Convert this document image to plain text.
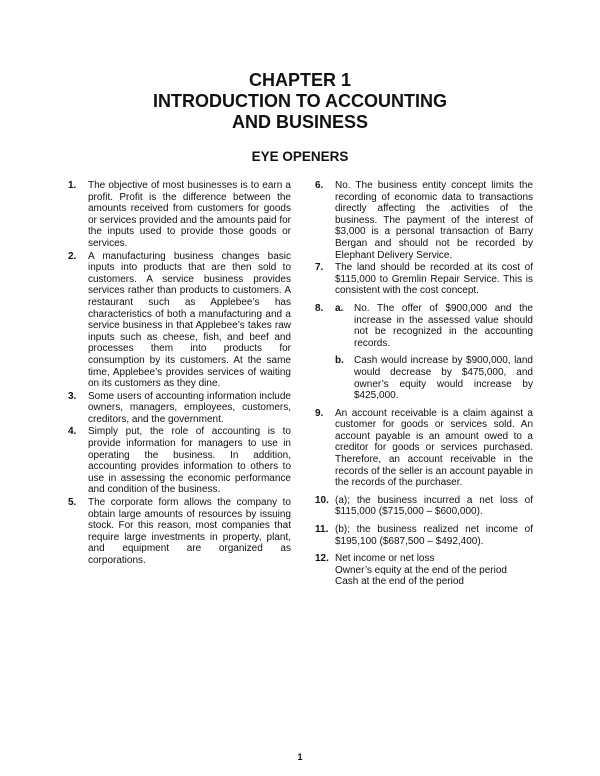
CHAPTER 1
INTRODUCTION TO ACCOUNTING
AND BUSINESS
EYE OPENERS
1.	The objective of most businesses is to earn a profit. Profit is the difference between the amounts received from customers for goods or services provided and the amounts paid for the inputs used to provide those goods or services.
2.	A manufacturing business changes basic inputs into products that are then sold to customers. A service business provides services rather than products to customers. A restaurant such as Applebee’s has characteristics of both a manufacturing and a service business in that Applebee’s takes raw inputs such as cheese, fish, and beef and processes them into products for consumption by its customers. At the same time, Applebee’s provides services of waiting on its customers as they dine.
3.	Some users of accounting information include owners, managers, employees, customers, creditors, and the government.
4.	Simply put, the role of accounting is to provide information for managers to use in operating the business. In addition, accounting provides information to others to use in assessing the economic performance and condition of the business.
5.	The corporate form allows the company to obtain large amounts of resources by issuing stock. For this reason, most companies that require large investments in property, plant, and equipment are organized as corporations.
6.	No. The business entity concept limits the recording of economic data to transactions directly affecting the activities of the business. The payment of the interest of $3,000 is a personal transaction of Barry Bergan and should not be recorded by Elephant Delivery Service.
7.	The land should be recorded at its cost of $115,000 to Gremlin Repair Service. This is consistent with the cost concept.
8.	a. No. The offer of $900,000 and the increase in the assessed value should not be recognized in the accounting records.
b. Cash would increase by $900,000, land would decrease by $475,000, and owner’s equity would increase by $425,000.
9.	An account receivable is a claim against a customer for goods or services sold. An account payable is an amount owed to a creditor for goods or services purchased. Therefore, an account receivable in the records of the seller is an account payable in the records of the purchaser.
10. (a); the business incurred a net loss of $115,000 ($715,000 – $600,000).
11. (b); the business realized net income of $195,100 ($687,500 – $492,400).
12. Net income or net loss
Owner’s equity at the end of the period
Cash at the end of the period
1
